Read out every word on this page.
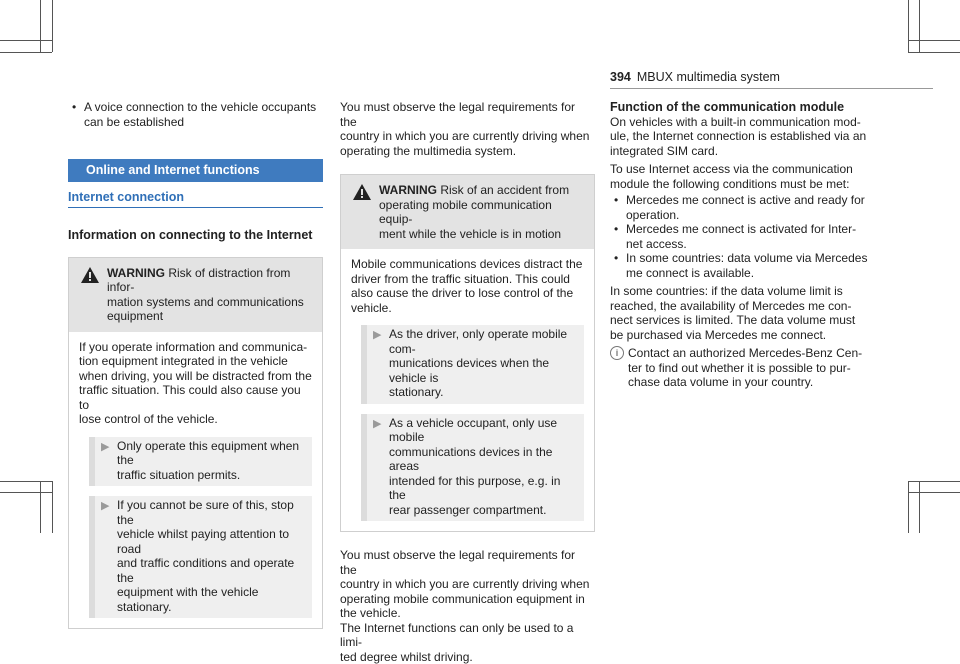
394 MBUX multimedia system

• A voice connection to the vehicle occupants

can be established

Online and Internet functions
Internet connection
Information on connecting to the Internet

WARNING Risk of distraction from infor-

mation systems and communications

equipment

If you operate information and communica-

tion equipment integrated in the vehicle

when driving, you will be distracted from the

traffic situation. This could also cause you to

lose control of the vehicle.

▶ Only operate this equipment when the

traffic situation permits.

▶ If you cannot be sure of this, stop the

vehicle whilst paying attention to road

and traffic conditions and operate the

equipment with the vehicle stationary.

You must observe the legal requirements for the

country in which you are currently driving when

operating the multimedia system.

WARNING Risk of an accident from

operating mobile communication equip-

ment while the vehicle is in motion

Mobile communications devices distract the

driver from the traffic situation. This could

also cause the driver to lose control of the

vehicle.

▶ As the driver, only operate mobile com-

munications devices when the vehicle is

stationary.

▶ As a vehicle occupant, only use mobile

communications devices in the areas

intended for this purpose, e.g. in the

rear passenger compartment.

You must observe the legal requirements for the

country in which you are currently driving when

operating mobile communication equipment in

the vehicle.

The Internet functions can only be used to a limi-

ted degree whilst driving.

Function of the communication module

On vehicles with a built-in communication mod-

ule, the Internet connection is established via an

integrated SIM card.

To use Internet access via the communication

module the following conditions must be met:

• Mercedes me connect is active and ready for

operation.

• Mercedes me connect is activated for Inter-

net access.

• In some countries: data volume via Mercedes

me connect is available.

In some countries: if the data volume limit is

reached, the availability of Mercedes me con-

nect services is limited. The data volume must

be purchased via Mercedes me connect.

i Contact an authorized Mercedes-Benz Cen-

ter to find out whether it is possible to pur-

chase data volume in your country.
